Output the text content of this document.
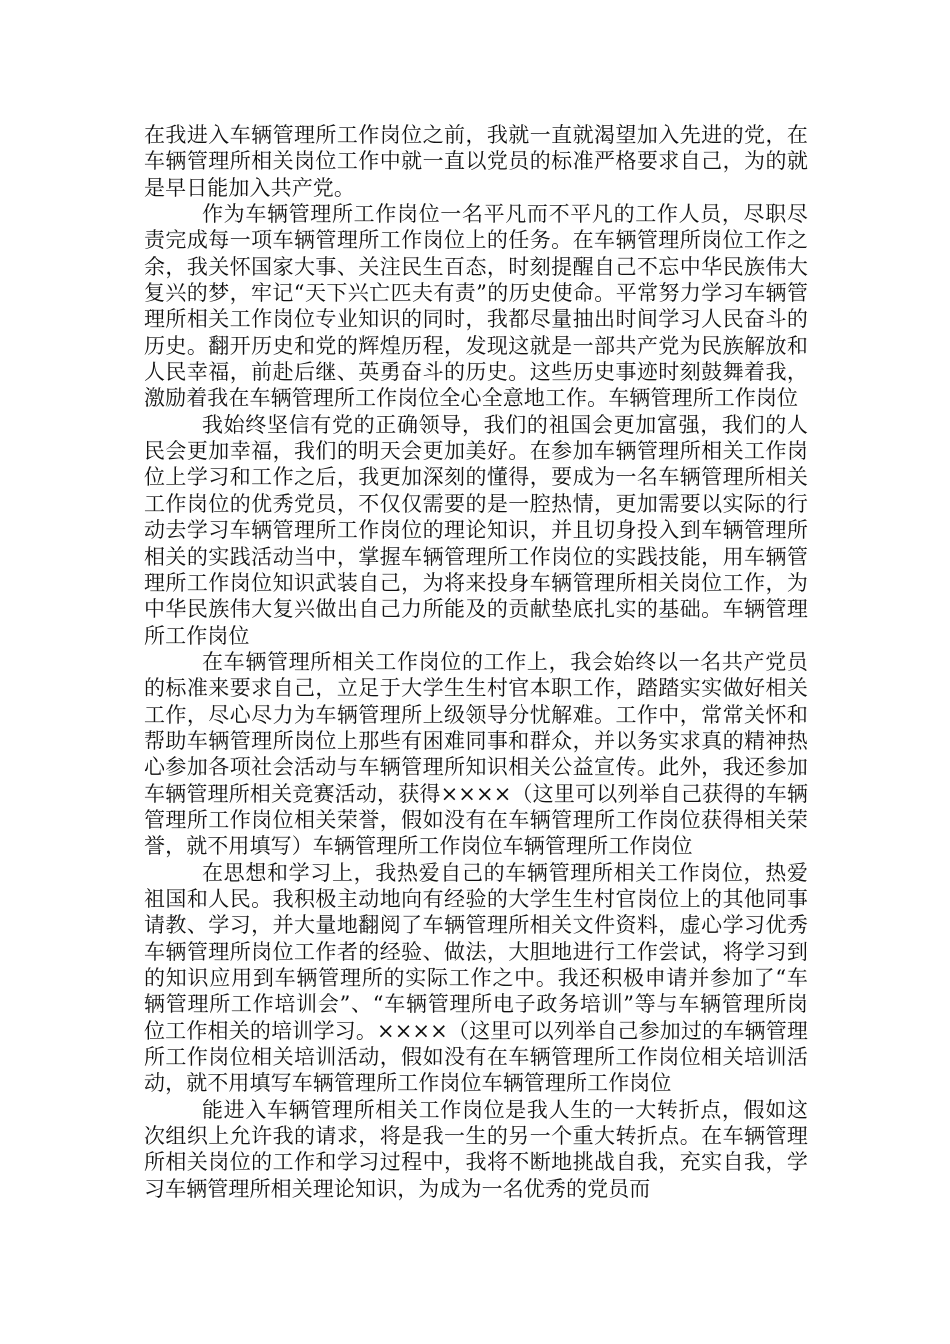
在我进入车辆管理所工作岗位之前，我就一直就渴望加入先进的党，在车辆管理所相关岗位工作中就一直以党员的标准严格要求自己，为的就是早日能加入共产党。

作为车辆管理所工作岗位一名平凡而不平凡的工作人员，尽职尽责完成每一项车辆管理所工作岗位上的任务。在车辆管理所岗位工作之余，我关怀国家大事、关注民生百态，时刻提醒自己不忘中华民族伟大复兴的梦，牢记“天下兴亡匹夫有责”的历史使命。平常努力学习车辆管理所相关工作岗位专业知识的同时，我都尽量抽出时间学习人民奋斗的历史。翻开历史和党的辉煌历程，发现这就是一部共产党为民族解放和人民幸福，前赴后继、英勇奋斗的历史。这些历史事迹时刻鼓舞着我，激励着我在车辆管理所工作岗位全心全意地工作。车辆管理所工作岗位

我始终坚信有党的正确领导，我们的祖国会更加富强，我们的人民会更加幸福，我们的明天会更加美好。在参加车辆管理所相关工作岗位上学习和工作之后，我更加深刻的懂得，要成为一名车辆管理所相关工作岗位的优秀党员，不仅仅需要的是一腔热情，更加需要以实际的行动去学习车辆管理所工作岗位的理论知识，并且切身投入到车辆管理所相关的实践活动当中，掌握车辆管理所工作岗位的实践技能，用车辆管理所工作岗位知识武装自己，为将来投身车辆管理所相关岗位工作，为中华民族伟大复兴做出自己力所能及的贡献垫底扎实的基础。车辆管理所工作岗位

在车辆管理所相关工作岗位的工作上，我会始终以一名共产党员的标准来要求自己，立足于大学生生村官本职工作，踏踏实实做好相关工作，尽心尽力为车辆管理所上级领导分忧解难。工作中，常常关怀和帮助车辆管理所岗位上那些有困难同事和群众，并以务实求真的精神热心参加各项社会活动与车辆管理所知识相关公益宣传。此外，我还参加车辆管理所相关竞赛活动，获得××××（这里可以列举自己获得的车辆管理所工作岗位相关荣誉，假如没有在车辆管理所工作岗位获得相关荣誉，就不用填写）车辆管理所工作岗位车辆管理所工作岗位

在思想和学习上，我热爱自己的车辆管理所相关工作岗位，热爱祖国和人民。我积极主动地向有经验的大学生生村官岗位上的其他同事请教、学习，并大量地翻阅了车辆管理所相关文件资料，虚心学习优秀车辆管理所岗位工作者的经验、做法，大胆地进行工作尝试，将学习到的知识应用到车辆管理所的实际工作之中。我还积极申请并参加了“车辆管理所工作培训会”、“车辆管理所电子政务培训”等与车辆管理所岗位工作相关的培训学习。××××（这里可以列举自己参加过的车辆管理所工作岗位相关培训活动，假如没有在车辆管理所工作岗位相关培训活动，就不用填写车辆管理所工作岗位车辆管理所工作岗位

能进入车辆管理所相关工作岗位是我人生的一大转折点，假如这次组织上允许我的请求，将是我一生的另一个重大转折点。在车辆管理所相关岗位的工作和学习过程中，我将不断地挑战自我，充实自我，学习车辆管理所相关理论知识，为成为一名优秀的党员而
